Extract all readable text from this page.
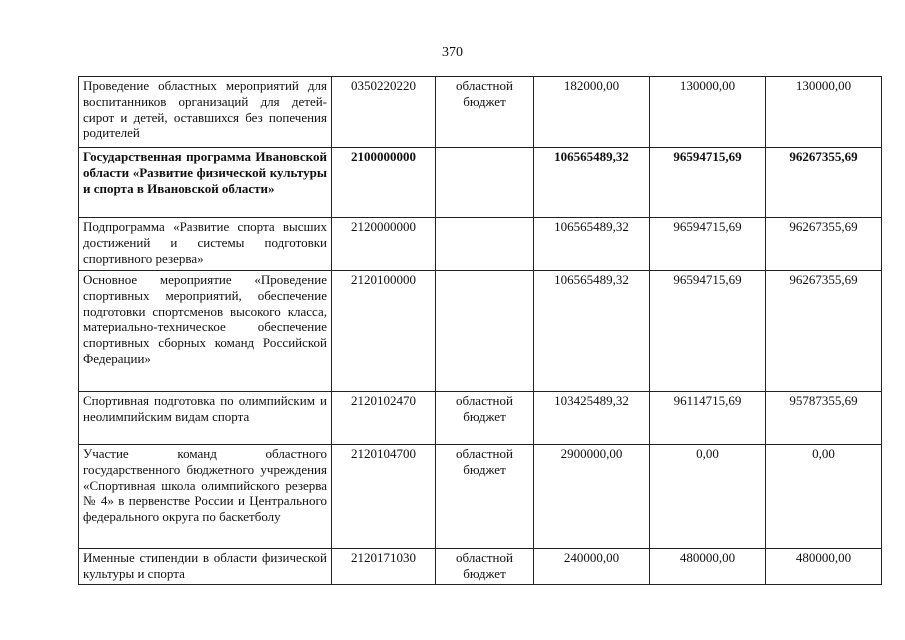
370
Проведение областных мероприятий для воспитанников организаций для детей-сирот и детей, оставшихся без попечения родителей	0350220220	областной бюджет	182000,00	130000,00	130000,00
Государственная программа Ивановской области «Развитие физической культуры и спорта в Ивановской области»	2100000000		106565489,32	96594715,69	96267355,69
Подпрограмма «Развитие спорта высших достижений и системы подготовки спортивного резерва»	2120000000		106565489,32	96594715,69	96267355,69
Основное мероприятие «Проведение спортивных мероприятий, обеспечение подготовки спортсменов высокого класса, материально-техническое обеспечение спортивных сборных команд Российской Федерации»	2120100000		106565489,32	96594715,69	96267355,69
Спортивная подготовка по олимпийским и неолимпийским видам спорта	2120102470	областной бюджет	103425489,32	96114715,69	95787355,69
Участие команд областного государственного бюджетного учреждения «Спортивная школа олимпийского резерва № 4» в первенстве России и Центрального федерального округа по баскетболу	2120104700	областной бюджет	2900000,00	0,00	0,00
Именные стипендии в области физической культуры и спорта	2120171030	областной бюджет	240000,00	480000,00	480000,00
